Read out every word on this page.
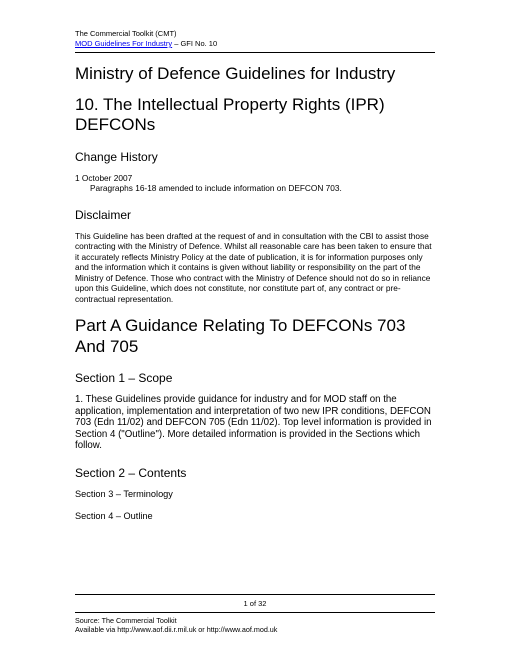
The Commercial Toolkit (CMT)
MOD Guidelines For Industry – GFI No. 10
Ministry of Defence Guidelines for Industry
10. The Intellectual Property Rights (IPR) DEFCONs
Change History
1 October 2007
Paragraphs 16-18 amended to include information on DEFCON 703.
Disclaimer

This Guideline has been drafted at the request of and in consultation with the CBI to assist those contracting with the Ministry of Defence. Whilst all reasonable care has been taken to ensure that it accurately reflects Ministry Policy at the date of publication, it is for information purposes only and the information which it contains is given without liability or responsibility on the part of the Ministry of Defence. Those who contract with the Ministry of Defence should not do so in reliance upon this Guideline, which does not constitute, nor constitute part of, any contract or pre-contractual representation.

Part A Guidance Relating To DEFCONs 703 And 705
Section 1 – Scope

1. These Guidelines provide guidance for industry and for MOD staff on the application, implementation and interpretation of two new IPR conditions, DEFCON 703 (Edn 11/02) and DEFCON 705 (Edn 11/02). Top level information is provided in Section 4 ("Outline"). More detailed information is provided in the Sections which follow.

Section 2 – Contents

Section 3 – Terminology

Section 4 – Outline

1 of 32
Source: The Commercial Toolkit
Available via http://www.aof.dii.r.mil.uk or http://www.aof.mod.uk
